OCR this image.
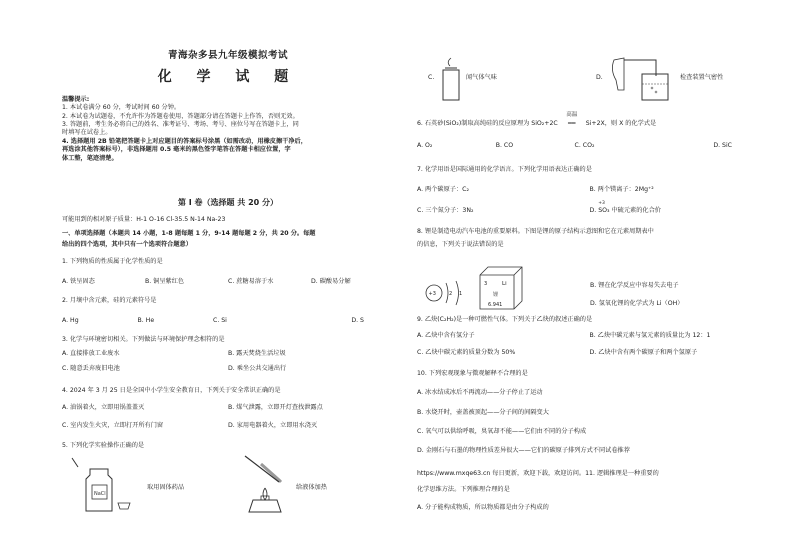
青海杂多县九年级模拟考试
化 学 试 题
温馨提示:
1. 本试卷满分 60 分，考试时间 60 分钟。
2. 本试卷为试题卷，不允许作为答题卷使用，答题部分请在答题卡上作答，否则无效。
3. 答题前，考生务必将自己的姓名、准考证号、考场、考号、座位号写在答题卡上，同
时填写在试卷上。
4. 选择题用 2B 铅笔把答题卡上对应题目的答案标号涂黑（如需改动，用橡皮擦干净后，
再选涂其他答案标号），非选择题用 0.5 毫米的黑色签字笔答在答题卡相应位置，字
体工整，笔迹清楚。
第 I 卷（选择题 共 20 分）
可能用到的相对原子质量：H-1 O-16 Cl-35.5 N-14 Na-23
一、单项选择题（本题共 14 小题，1-8 题每题 1 分，9-14 题每题 2 分，共 20 分。每题
给出的四个选项，其中只有一个选项符合题意）
1. 下列物质的性质属于化学性质的是
A. 铁呈固态	B. 铜呈紫红色	C. 蔗糖易溶于水	D. 碳酸易分解
2. 月壤中含元素，硅的元素符号是
A. Hg	B. He	C. Si	D. S
3. 化学与环境密切相关。下列做法与环境保护理念相符的是
A. 直接排放工业废水	B. 露天焚烧生活垃圾
C. 随意丢弃废旧电池	D. 乘坐公共交通出行
4. 2024 年 3 月 25 日是全国中小学生安全教育日，下列关于安全常识正确的是
A. 油锅着火，立即用锅盖盖灭	B. 煤气泄露，立即开灯查找泄露点
C. 室内发生火灾，立即打开所有门窗	D. 家用电器着火，立即用水浇灭
5. 下列化学实验操作正确的是
NaCl
取用固体药品	给液体加热
C.	闻气体气味	D.	检查装置气密性
6. 石英砂(SiO₂)制取高纯硅的反应原理为 SiO₂+2C
高温
══ Si+2X，则 X 的化学式是
A. O₂	B. CO	C. CO₂	D. SiC
7. 化学用语是国际通用的化学语言。下列化学用语表达正确的是
A. 两个碳原子：C₂	B. 两个镁离子：2Mg⁺²
C. 三个氮分子：3N₂	D.
+3
SO₃ 中硫元素的化合价
8. 锂是制造电动汽车电池的重要原料。下图是锂的原子结构示意图和它在元素周期表中
的信息，下列关于说法错误的是
+3	2 1
3	Li
锂
6.941
B. 锂在化学反应中容易失去电子
D. 氢氧化锂的化学式为 Li（OH）
9. 乙炔(C₂H₂)是一种可燃性气体。下列关于乙炔的叙述正确的是
A. 乙炔中含有氢分子	B. 乙炔中碳元素与氢元素的质量比为 12：1
C. 乙炔中碳元素的质量分数为 50%	D. 乙炔中含有两个碳原子和两个氢原子
10. 下列宏观现象与微观解释不合理的是
A. 冰水结成冰后不再流动——分子停止了运动
B. 水烧开时，壶盖被顶起——分子间的间隔变大
C. 氧气可以供给呼吸，臭氧却不能——它们由不同的分子构成
D. 金刚石与石墨的物理性质差异很大——它们的碳原子排列方式不同试卷推荐
https://www.mxqe63.cn 每日更新，欢迎下载，欢迎访问。11. 逻辑推理是一种重要的
化学思维方法。下列推理合理的是
A. 分子能构成物质，所以物质都是由分子构成的
